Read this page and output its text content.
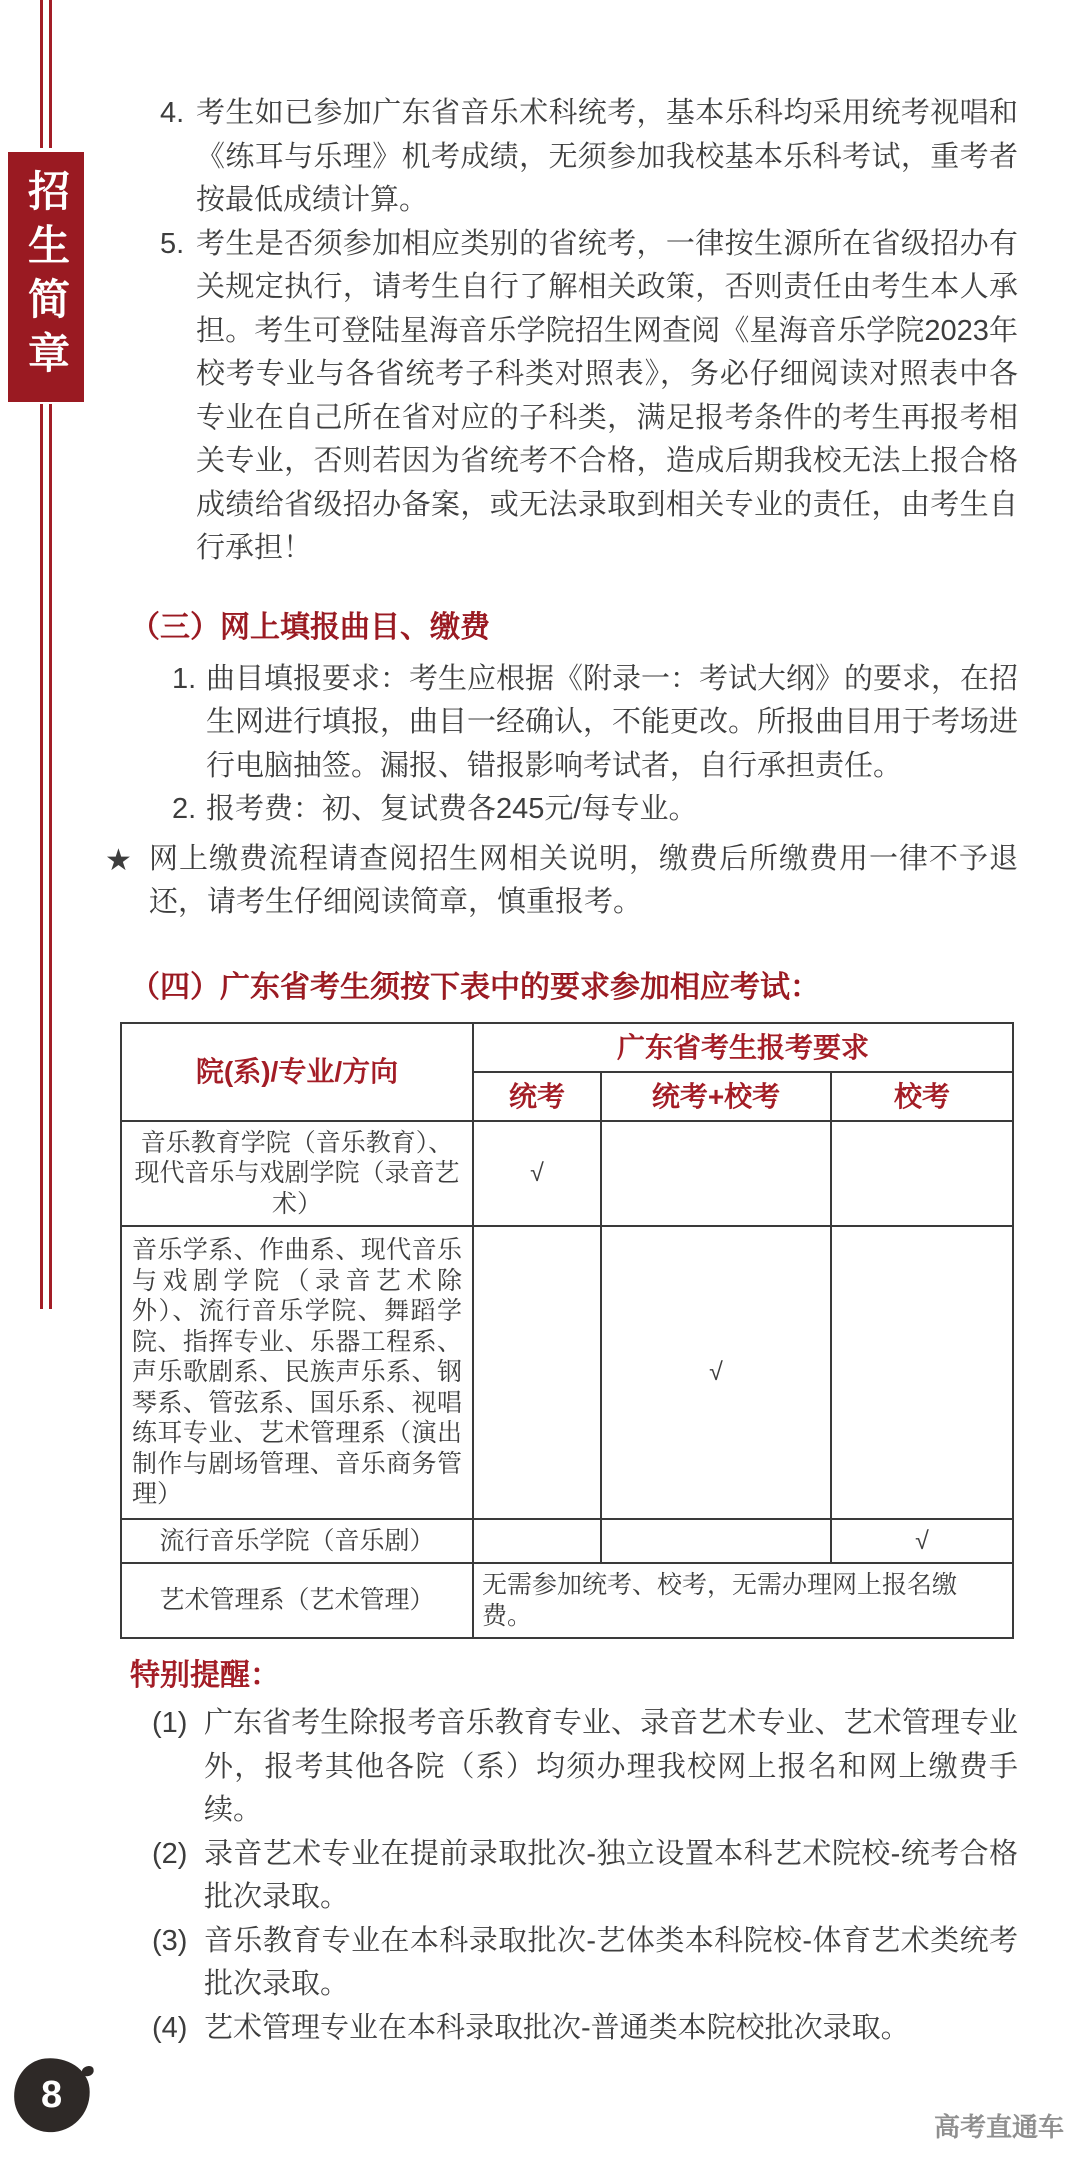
招生简章
4. 考生如已参加广东省音乐术科统考，基本乐科均采用统考视唱和《练耳与乐理》机考成绩，无须参加我校基本乐科考试，重考者按最低成绩计算。
5. 考生是否须参加相应类别的省统考，一律按生源所在省级招办有关规定执行，请考生自行了解相关政策，否则责任由考生本人承担。考生可登陆星海音乐学院招生网查阅《星海音乐学院2023年校考专业与各省统考子科类对照表》，务必仔细阅读对照表中各专业在自己所在省对应的子科类，满足报考条件的考生再报考相关专业，否则若因为省统考不合格，造成后期我校无法上报合格成绩给省级招办备案，或无法录取到相关专业的责任，由考生自行承担！
（三）网上填报曲目、缴费
1. 曲目填报要求：考生应根据《附录一：考试大纲》的要求，在招生网进行填报，曲目一经确认，不能更改。所报曲目用于考场进行电脑抽签。漏报、错报影响考试者，自行承担责任。
2. 报考费：初、复试费各245元/每专业。
★ 网上缴费流程请查阅招生网相关说明，缴费后所缴费用一律不予退还，请考生仔细阅读简章，慎重报考。
（四）广东省考生须按下表中的要求参加相应考试：
院(系)/专业/方向	广东省考生报考要求		
	统考	统考+校考	校考
音乐教育学院（音乐教育）、现代音乐与戏剧学院（录音艺术）	√		
音乐学系、作曲系、现代音乐与戏剧学院（录音艺术除外）、流行音乐学院、舞蹈学院、指挥专业、乐器工程系、声乐歌剧系、民族声乐系、钢琴系、管弦系、国乐系、视唱练耳专业、艺术管理系（演出制作与剧场管理、音乐商务管理）		√	
流行音乐学院（音乐剧）			√
艺术管理系（艺术管理）	无需参加统考、校考，无需办理网上报名缴费。		
特别提醒：
(1) 广东省考生除报考音乐教育专业、录音艺术专业、艺术管理专业外，报考其他各院（系）均须办理我校网上报名和网上缴费手续。
(2) 录音艺术专业在提前录取批次-独立设置本科艺术院校-统考合格批次录取。
(3) 音乐教育专业在本科录取批次-艺体类本科院校-体育艺术类统考批次录取。
(4) 艺术管理专业在本科录取批次-普通类本院校批次录取。
8
高考直通车
